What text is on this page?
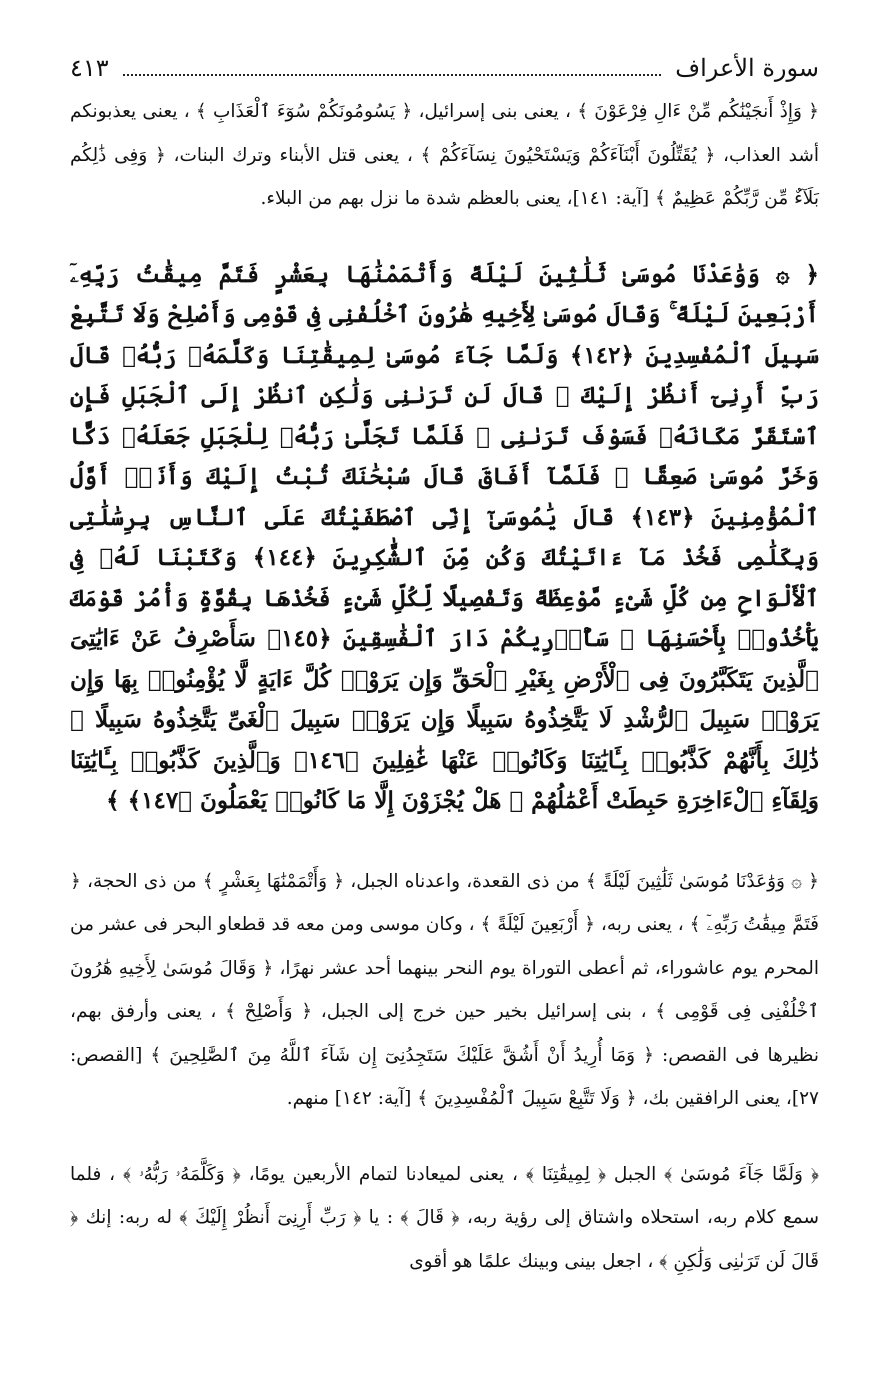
سورة الأعراف
٤١٣

﴿ وَإِذْ أَنجَيْنَٰكُم مِّنْ ءَالِ فِرْعَوْنَ ﴾ ، يعنى بنى إسرائيل، ﴿ يَسُومُونَكُمْ سُوٓءَ ٱلْعَذَابِ ﴾ ، يعنى يعذبونكم أشد العذاب، ﴿ يُقَتِّلُونَ أَبْنَآءَكُمْ وَيَسْتَحْيُونَ نِسَآءَكُمْ ﴾ ، يعنى قتل الأبناء وترك البنات، ﴿ وَفِى ذَٰلِكُم بَلَآءٌ مِّن رَّبِّكُمْ عَظِيمٌ ﴾ [آية: ١٤١]، يعنى بالعظم شدة ما نزل بهم من البلاء.

﴿ ۞ وَوَٰعَدْنَا مُوسَىٰ ثَلَٰثِينَ لَيْلَةً وَأَتْمَمْنَٰهَا بِعَشْرٍ فَتَمَّ مِيقَٰتُ رَبِّهِۦٓ أَرْبَعِينَ لَيْلَةً ۚ وَقَالَ مُوسَىٰ لِأَخِيهِ هَٰرُونَ ٱخْلُفْنِى فِى قَوْمِى وَأَصْلِحْ وَلَا تَتَّبِعْ سَبِيلَ ٱلْمُفْسِدِينَ ﴿١٤٢﴾ وَلَمَّا جَآءَ مُوسَىٰ لِمِيقَٰتِنَا وَكَلَّمَهُۥ رَبُّهُۥ قَالَ رَبِّ أَرِنِىٓ أَنظُرْ إِلَيْكَ ۚ قَالَ لَن تَرَىٰنِى وَلَٰكِنِ ٱنظُرْ إِلَى ٱلْجَبَلِ فَإِنِ ٱسْتَقَرَّ مَكَانَهُۥ فَسَوْفَ تَرَىٰنِى ۚ فَلَمَّا تَجَلَّىٰ رَبُّهُۥ لِلْجَبَلِ جَعَلَهُۥ دَكًّا وَخَرَّ مُوسَىٰ صَعِقًا ۚ فَلَمَّآ أَفَاقَ قَالَ سُبْحَٰنَكَ تُبْتُ إِلَيْكَ وَأَنَا۠ أَوَّلُ ٱلْمُؤْمِنِينَ ﴿١٤٣﴾ قَالَ يَٰمُوسَىٰٓ إِنِّى ٱصْطَفَيْتُكَ عَلَى ٱلنَّاسِ بِرِسَٰلَٰتِى وَبِكَلَٰمِى فَخُذْ مَآ ءَاتَيْتُكَ وَكُن مِّنَ ٱلشَّٰكِرِينَ ﴿١٤٤﴾ وَكَتَبْنَا لَهُۥ فِى ٱلْأَلْوَاحِ مِن كُلِّ شَىْءٍ مَّوْعِظَةً وَتَفْصِيلًا لِّكُلِّ شَىْءٍ فَخُذْهَا بِقُوَّةٍ وَأْمُرْ قَوْمَكَ يَأْخُذُوا۟ بِأَحْسَنِهَا ۚ سَأُو۟رِيكُمْ دَارَ ٱلْفَٰسِقِينَ ﴿١٤٥﴾ سَأَصْرِفُ عَنْ ءَايَٰتِىَ ٱلَّذِينَ يَتَكَبَّرُونَ فِى ٱلْأَرْضِ بِغَيْرِ ٱلْحَقِّ وَإِن يَرَوْا۟ كُلَّ ءَايَةٍ لَّا يُؤْمِنُوا۟ بِهَا وَإِن يَرَوْا۟ سَبِيلَ ٱلرُّشْدِ لَا يَتَّخِذُوهُ سَبِيلًا وَإِن يَرَوْا۟ سَبِيلَ ٱلْغَىِّ يَتَّخِذُوهُ سَبِيلًا ۚ ذَٰلِكَ بِأَنَّهُمْ كَذَّبُوا۟ بِـَٔايَٰتِنَا وَكَانُوا۟ عَنْهَا غَٰفِلِينَ ﴿١٤٦﴾ وَٱلَّذِينَ كَذَّبُوا۟ بِـَٔايَٰتِنَا وَلِقَآءِ ٱلْءَاخِرَةِ حَبِطَتْ أَعْمَٰلُهُمْ ۚ هَلْ يُجْزَوْنَ إِلَّا مَا كَانُوا۟ يَعْمَلُونَ ﴿١٤٧﴾ ﴾

﴿ ۞ وَوَٰعَدْنَا مُوسَىٰ ثَلَٰثِينَ لَيْلَةً ﴾ من ذى القعدة، واعدناه الجبل، ﴿ وَأَتْمَمْنَٰهَا بِعَشْرٍ ﴾ من ذى الحجة، ﴿ فَتَمَّ مِيقَٰتُ رَبِّهِۦٓ ﴾ ، يعنى ربه، ﴿ أَرْبَعِينَ لَيْلَةً ﴾ ، وكان موسى ومن معه قد قطعاو البحر فى عشر من المحرم يوم عاشوراء، ثم أعطى التوراة يوم النحر بينهما أحد عشر نهرًا، ﴿ وَقَالَ مُوسَىٰ لِأَخِيهِ هَٰرُونَ ٱخْلُفْنِى فِى قَوْمِى ﴾ ، بنى إسرائيل بخير حين خرج إلى الجبل، ﴿ وَأَصْلِحْ ﴾ ، يعنى وأرفق بهم، نظيرها فى القصص: ﴿ وَمَا أُرِيدُ أَنْ أَشُقَّ عَلَيْكَ سَتَجِدُنِىٓ إِن شَآءَ ٱللَّهُ مِنَ ٱلصَّٰلِحِينَ ﴾ [القصص: ٢٧]، يعنى الرافقين بك، ﴿ وَلَا تَتَّبِعْ سَبِيلَ ٱلْمُفْسِدِينَ ﴾ [آية: ١٤٢] منهم.

﴿ وَلَمَّا جَآءَ مُوسَىٰ ﴾ الجبل ﴿ لِمِيقَٰتِنَا ﴾ ، يعنى لميعادنا لتمام الأربعين يومًا، ﴿ وَكَلَّمَهُۥ رَبُّهُۥ ﴾ ، فلما سمع كلام ربه، استحلاه واشتاق إلى رؤية ربه، ﴿ قَالَ ﴾ : يا ﴿ رَبِّ أَرِنِىٓ أَنظُرْ إِلَيْكَ ﴾ له ربه: إنك ﴿ قَالَ لَن تَرَىٰنِى وَلَٰكِنِ ﴾ ، اجعل بينى وبينك علمًا هو أقوى
